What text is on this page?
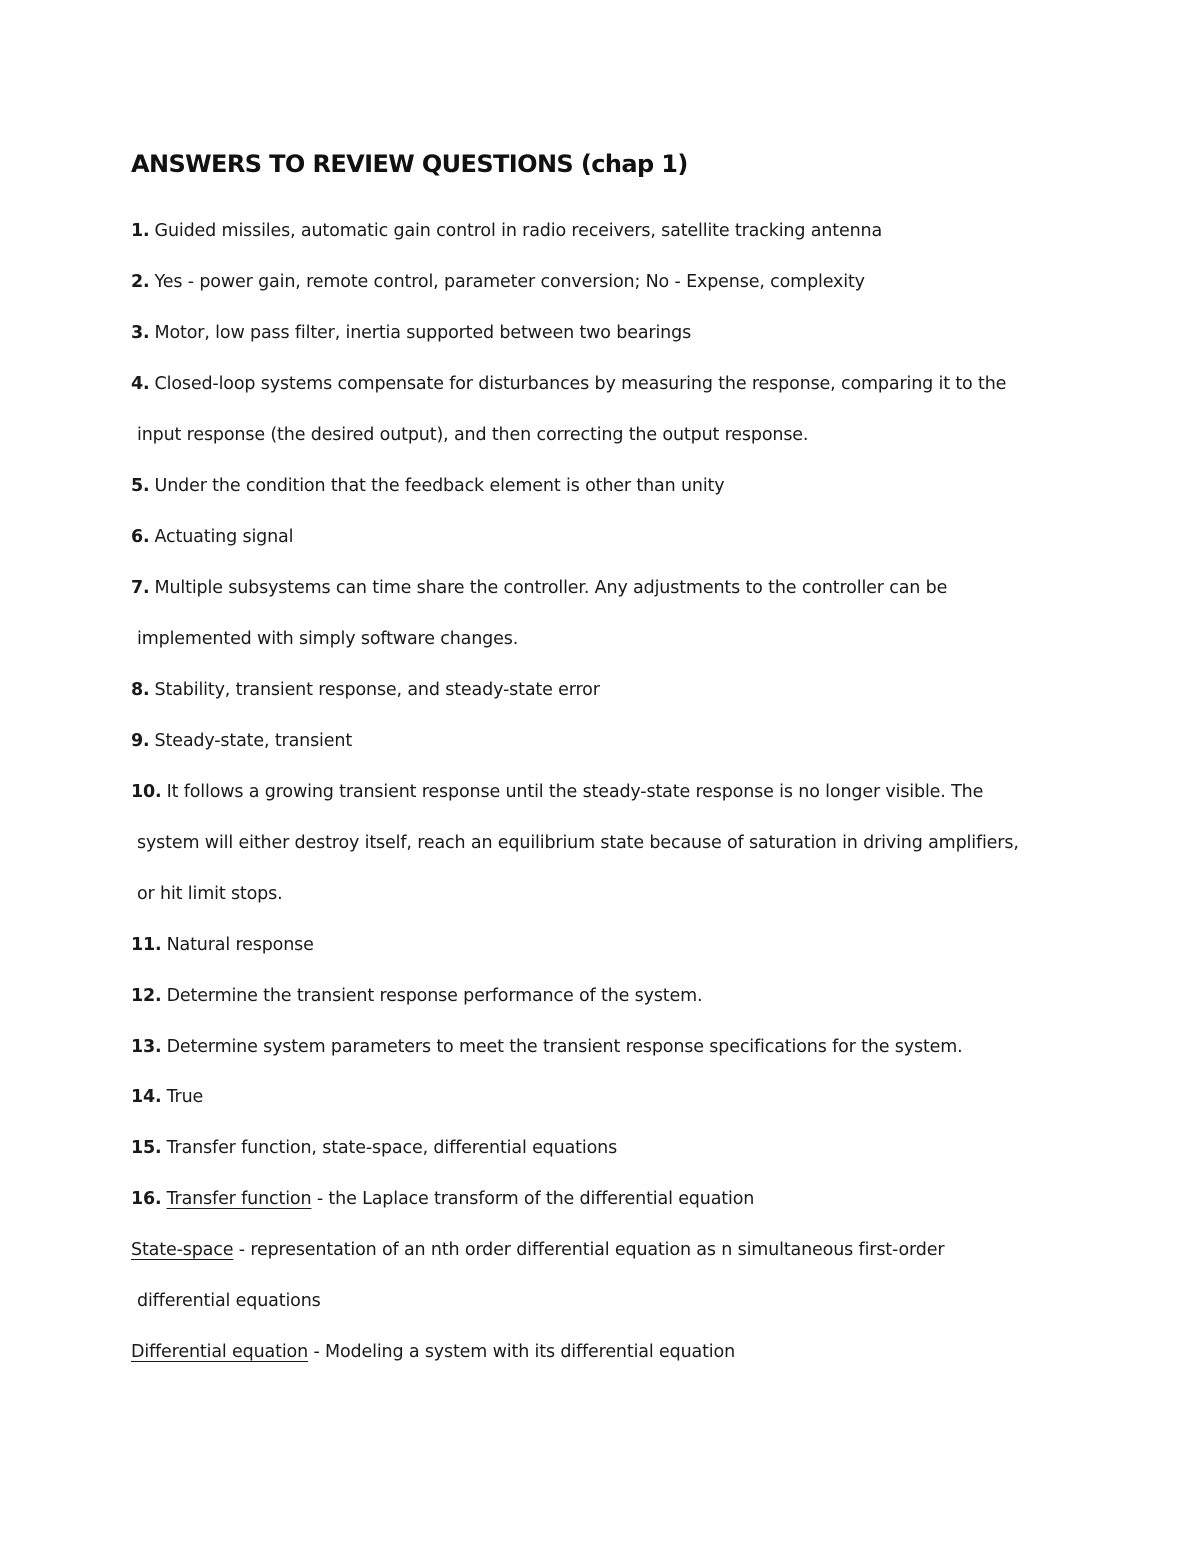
ANSWERS TO REVIEW QUESTIONS (chap 1)
1. Guided missiles, automatic gain control in radio receivers, satellite tracking antenna
2. Yes - power gain, remote control, parameter conversion; No - Expense, complexity
3. Motor, low pass filter, inertia supported between two bearings
4. Closed-loop systems compensate for disturbances by measuring the response, comparing it to the
input response (the desired output), and then correcting the output response.
5. Under the condition that the feedback element is other than unity
6. Actuating signal
7. Multiple subsystems can time share the controller. Any adjustments to the controller can be
implemented with simply software changes.
8. Stability, transient response, and steady-state error
9. Steady-state, transient
10. It follows a growing transient response until the steady-state response is no longer visible. The
system will either destroy itself, reach an equilibrium state because of saturation in driving amplifiers,
or hit limit stops.
11. Natural response
12. Determine the transient response performance of the system.
13. Determine system parameters to meet the transient response specifications for the system.
14. True
15. Transfer function, state-space, differential equations
16. Transfer function - the Laplace transform of the differential equation
State-space - representation of an nth order differential equation as n simultaneous first-order
differential equations
Differential equation - Modeling a system with its differential equation
